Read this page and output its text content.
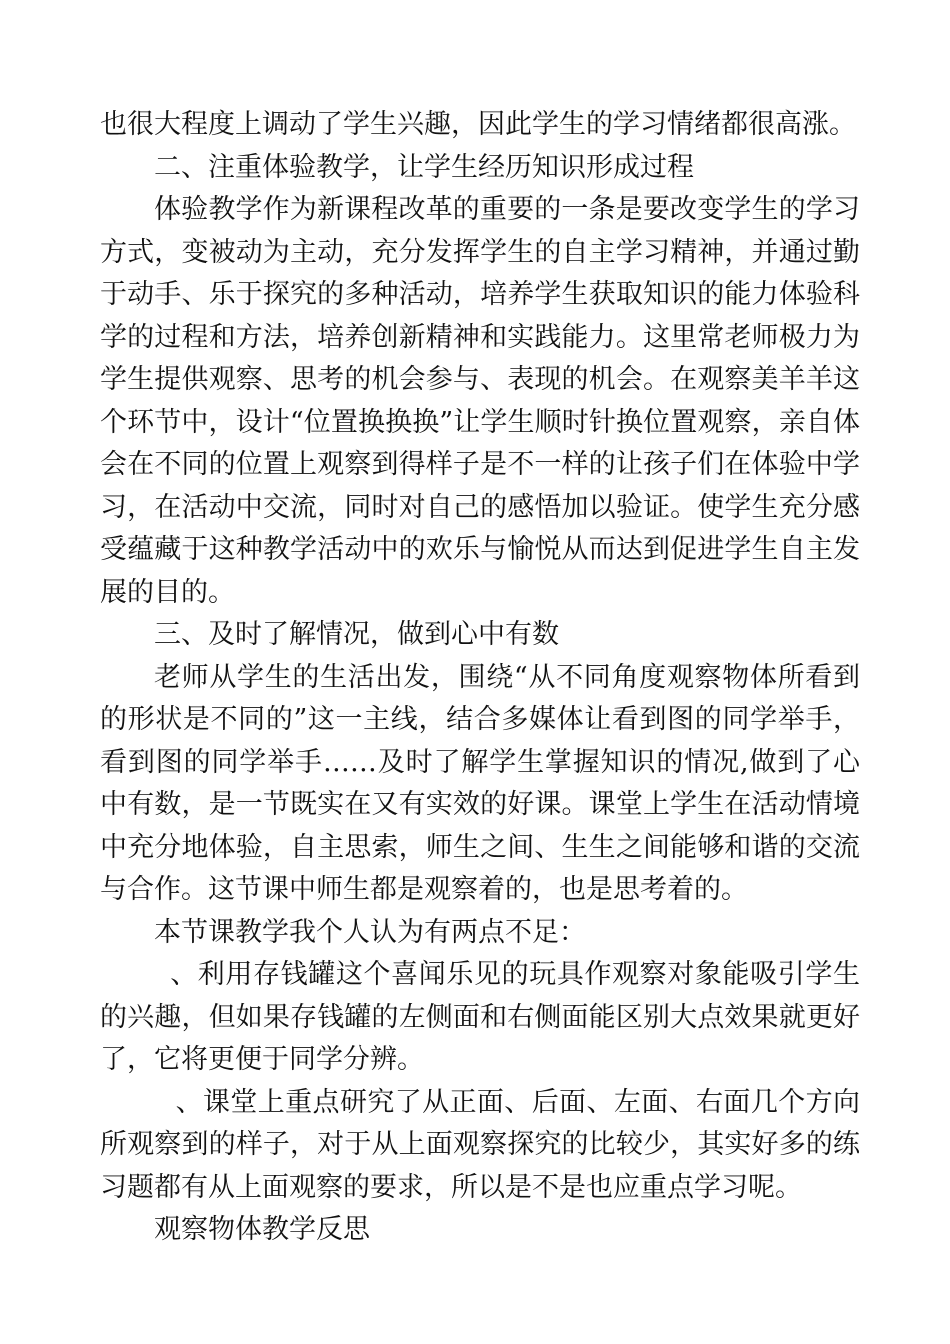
也很大程度上调动了学生兴趣，因此学生的学习情绪都很高涨。

二、注重体验教学，让学生经历知识形成过程

体验教学作为新课程改革的重要的一条是要改变学生的学习方式，变被动为主动，充分发挥学生的自主学习精神，并通过勤于动手、乐于探究的多种活动，培养学生获取知识的能力体验科学的过程和方法，培养创新精神和实践能力。这里常老师极力为学生提供观察、思考的机会参与、表现的机会。在观察美羊羊这个环节中，设计“位置换换换”让学生顺时针换位置观察，亲自体会在不同的位置上观察到得样子是不一样的让孩子们在体验中学习，在活动中交流，同时对自己的感悟加以验证。使学生充分感受蕴藏于这种教学活动中的欢乐与愉悦从而达到促进学生自主发展的目的。

三、及时了解情况，做到心中有数

老师从学生的生活出发，围绕“从不同角度观察物体所看到的形状是不同的”这一主线，结合多媒体让看到图的同学举手，看到图的同学举手……及时了解学生掌握知识的情况,做到了心中有数，是一节既实在又有实效的好课。课堂上学生在活动情境中充分地体验，自主思索，师生之间、生生之间能够和谐的交流与合作。这节课中师生都是观察着的，也是思考着的。

本节课教学我个人认为有两点不足：

、利用存钱罐这个喜闻乐见的玩具作观察对象能吸引学生的兴趣，但如果存钱罐的左侧面和右侧面能区别大点效果就更好了，它将更便于同学分辨。

、课堂上重点研究了从正面、后面、左面、右面几个方向所观察到的样子，对于从上面观察探究的比较少，其实好多的练习题都有从上面观察的要求，所以是不是也应重点学习呢。

观察物体教学反思
